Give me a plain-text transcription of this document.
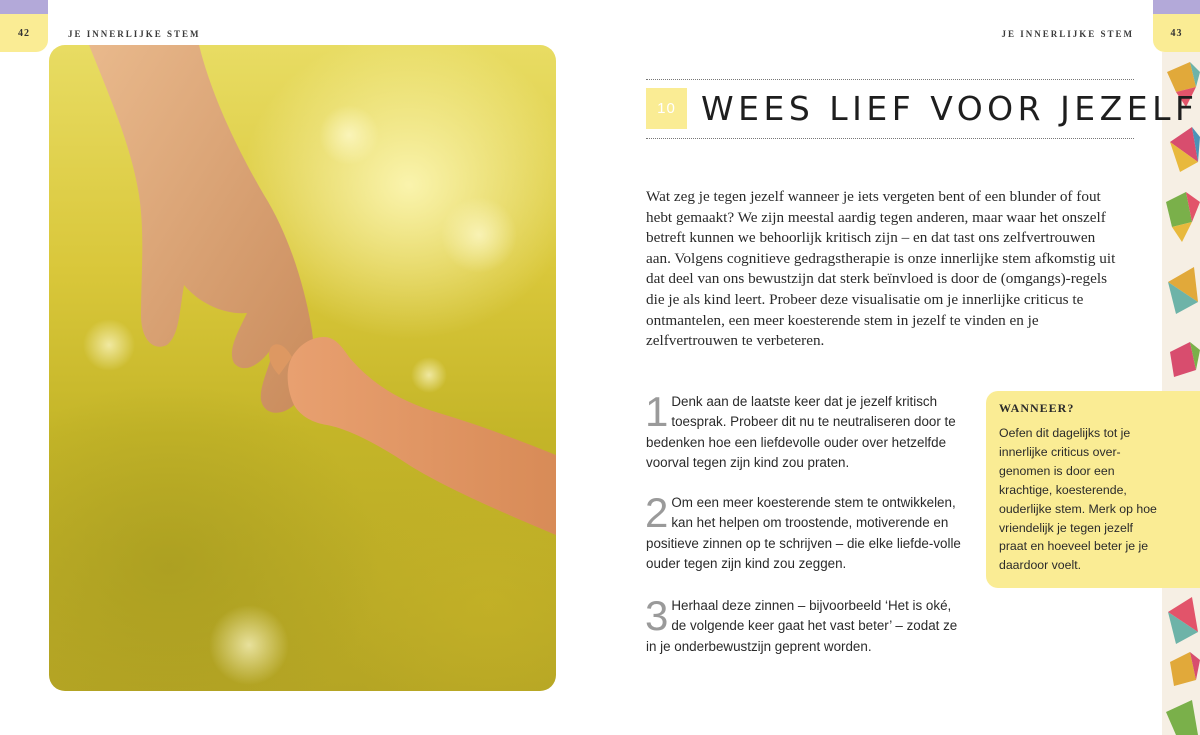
42	JE INNERLIJKE STEM	43
JE INNERLIJKE STEM
10 WEES LIEF VOOR JEZELF

Wat zeg je tegen jezelf wanneer je iets vergeten bent of een blunder of fout hebt gemaakt? We zijn meestal aardig tegen anderen, maar waar het onszelf betreft kunnen we behoorlijk kritisch zijn – en dat tast ons zelfvertrouwen aan. Volgens cognitieve gedragstherapie is onze innerlijke stem afkomstig uit dat deel van ons bewustzijn dat sterk beïnvloed is door de (omgangs)-regels die je als kind leert. Probeer deze visualisatie om je innerlijke criticus te ontmantelen, een meer koesterende stem in jezelf te vinden en je zelfvertrouwen te verbeteren.

1 Denk aan de laatste keer dat je jezelf kritisch toesprak. Probeer dit nu te neutraliseren door te bedenken hoe een liefdevolle ouder over hetzelfde voorval tegen zijn kind zou praten.
2 Om een meer koesterende stem te ontwikkelen, kan het helpen om troostende, motiverende en positieve zinnen op te schrijven – die elke liefde-volle ouder tegen zijn kind zou zeggen.
3 Herhaal deze zinnen – bijvoorbeeld ‘Het is oké, de volgende keer gaat het vast beter’ – zodat ze in je onderbewustzijn geprent worden.

WANNEER?

Oefen dit dagelijks tot je innerlijke criticus over-genomen is door een krachtige, koesterende, ouderlijke stem. Merk op hoe vriendelijk je tegen jezelf praat en hoeveel beter je je daardoor voelt.
